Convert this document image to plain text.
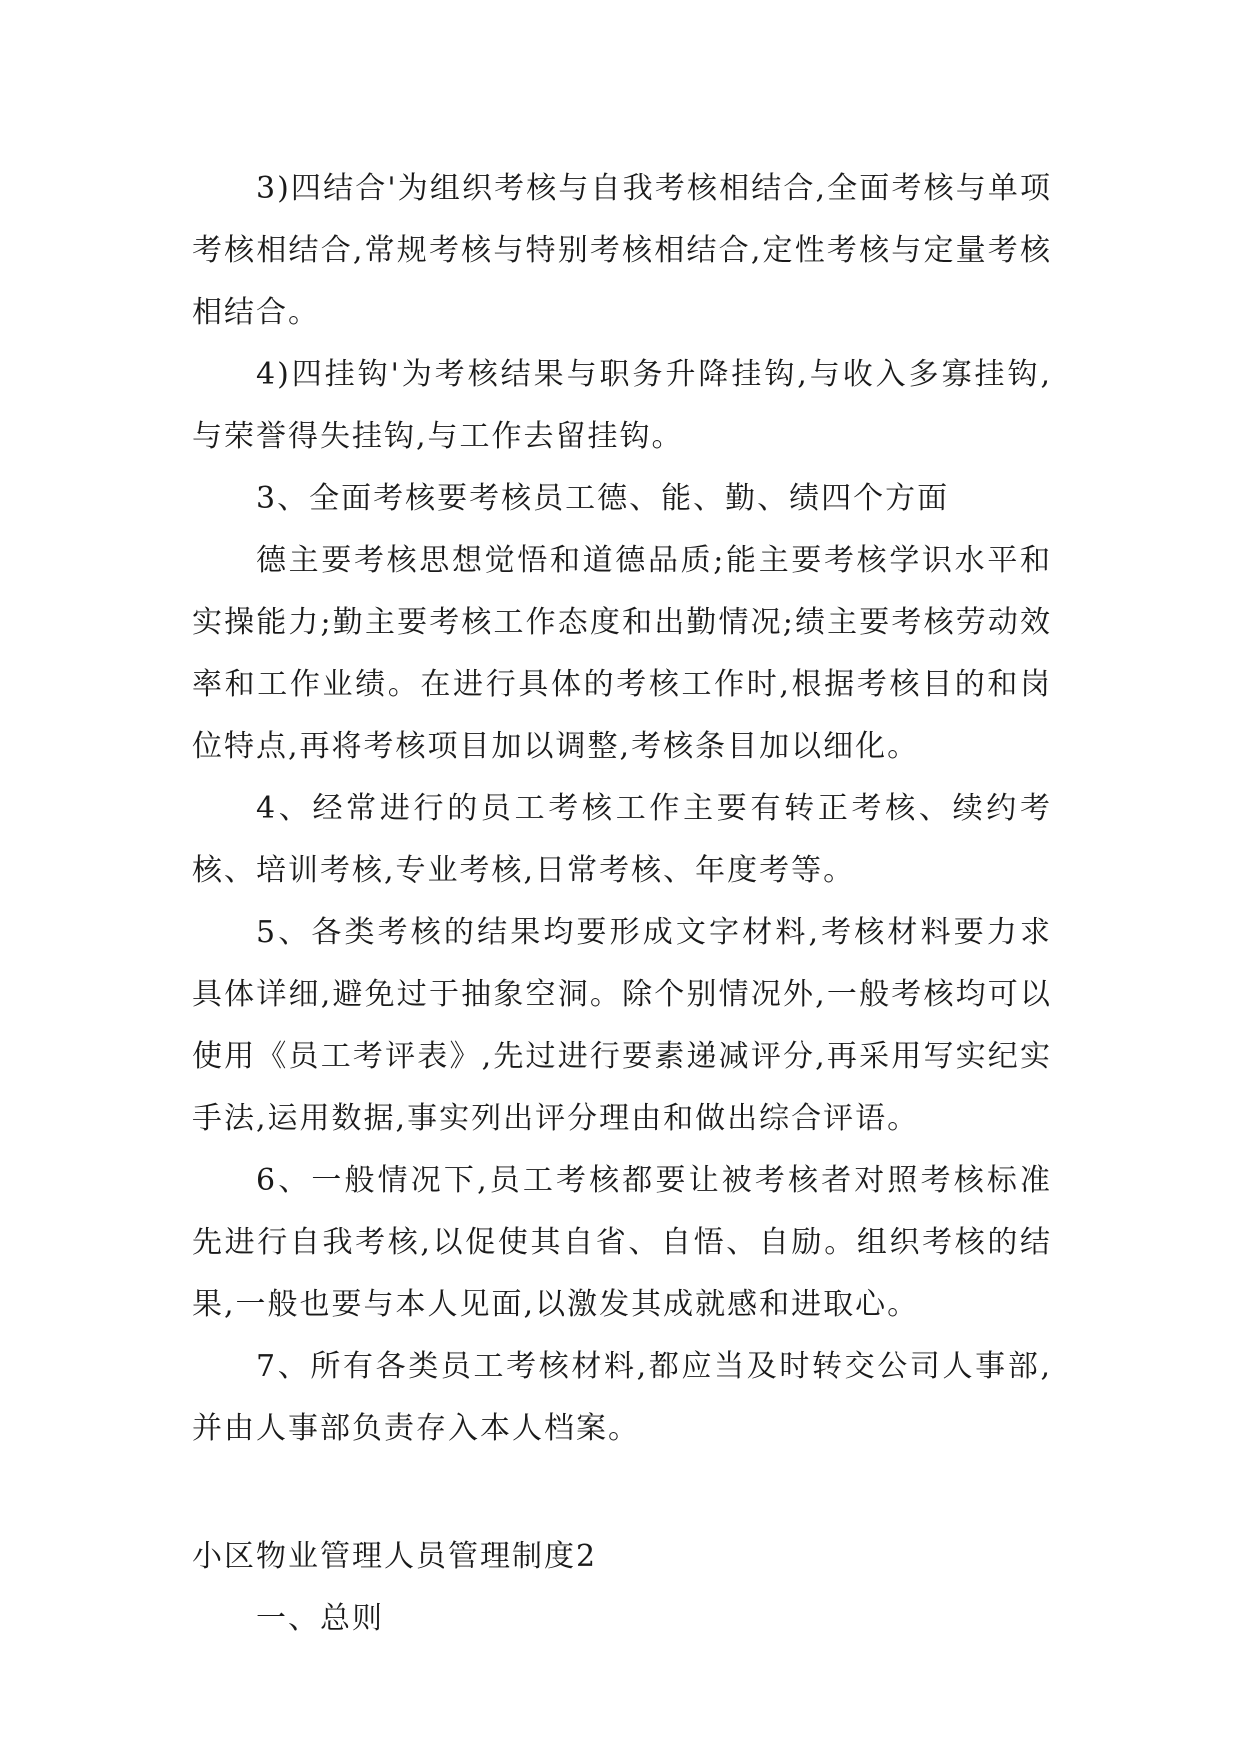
3)四结合'为组织考核与自我考核相结合,全面考核与单项考核相结合,常规考核与特别考核相结合,定性考核与定量考核相结合。

4)四挂钩'为考核结果与职务升降挂钩,与收入多寡挂钩,与荣誉得失挂钩,与工作去留挂钩。

3、全面考核要考核员工德、能、勤、绩四个方面

德主要考核思想觉悟和道德品质;能主要考核学识水平和实操能力;勤主要考核工作态度和出勤情况;绩主要考核劳动效率和工作业绩。在进行具体的考核工作时,根据考核目的和岗位特点,再将考核项目加以调整,考核条目加以细化。

4、经常进行的员工考核工作主要有转正考核、续约考核、培训考核,专业考核,日常考核、年度考等。

5、各类考核的结果均要形成文字材料,考核材料要力求具体详细,避免过于抽象空洞。除个别情况外,一般考核均可以使用《员工考评表》,先过进行要素递减评分,再采用写实纪实手法,运用数据,事实列出评分理由和做出综合评语。

6、一般情况下,员工考核都要让被考核者对照考核标准先进行自我考核,以促使其自省、自悟、自励。组织考核的结果,一般也要与本人见面,以激发其成就感和进取心。

7、所有各类员工考核材料,都应当及时转交公司人事部,并由人事部负责存入本人档案。

小区物业管理人员管理制度2

一、总则
